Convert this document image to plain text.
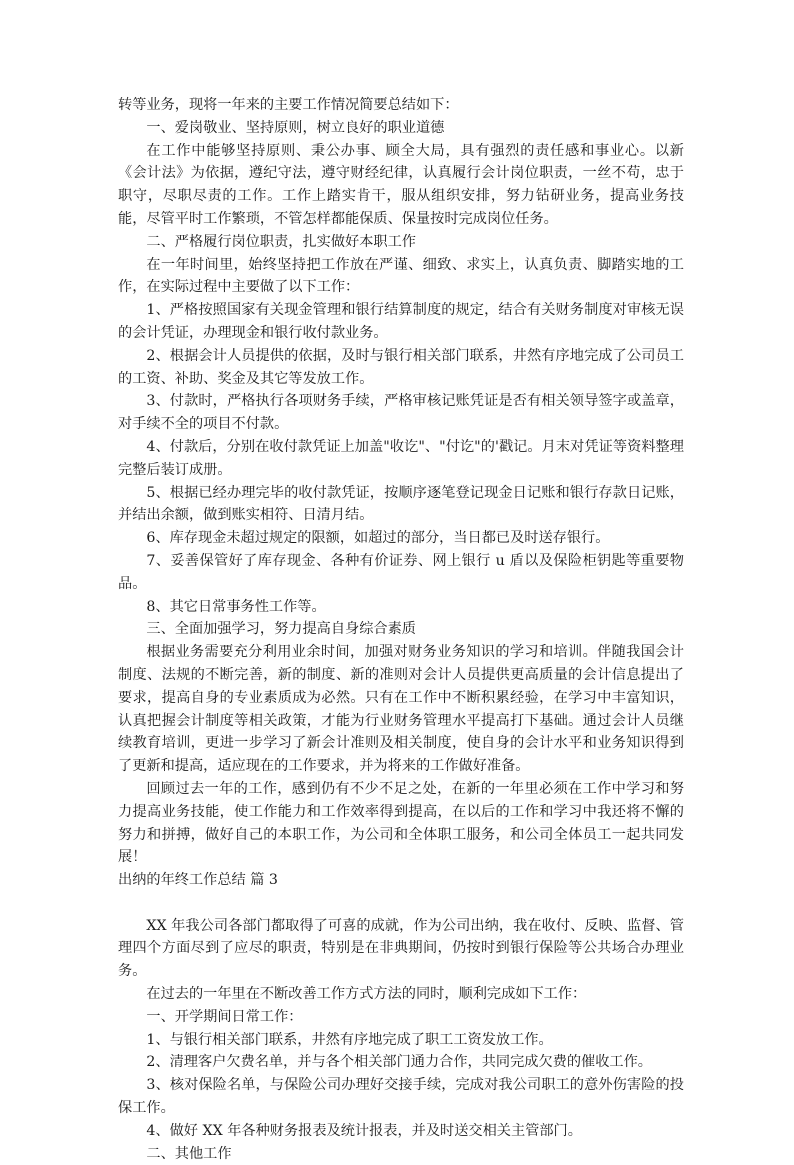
转等业务，现将一年来的主要工作情况简要总结如下：

一、爱岗敬业、坚持原则，树立良好的职业道德

在工作中能够坚持原则、秉公办事、顾全大局，具有强烈的责任感和事业心。以新《会计法》为依据，遵纪守法，遵守财经纪律，认真履行会计岗位职责，一丝不苟，忠于职守，尽职尽责的工作。工作上踏实肯干，服从组织安排，努力钻研业务，提高业务技能，尽管平时工作繁琐，不管怎样都能保质、保量按时完成岗位任务。

二、严格履行岗位职责，扎实做好本职工作

在一年时间里，始终坚持把工作放在严谨、细致、求实上，认真负责、脚踏实地的工作，在实际过程中主要做了以下工作：

1、严格按照国家有关现金管理和银行结算制度的规定，结合有关财务制度对审核无误的会计凭证，办理现金和银行收付款业务。

2、根据会计人员提供的依据，及时与银行相关部门联系，井然有序地完成了公司员工的工资、补助、奖金及其它等发放工作。

3、付款时，严格执行各项财务手续，严格审核记账凭证是否有相关领导签字或盖章，对手续不全的项目不付款。

4、付款后，分别在收付款凭证上加盖"收讫"、"付讫"的'戳记。月末对凭证等资料整理完整后装订成册。

5、根据已经办理完毕的收付款凭证，按顺序逐笔登记现金日记账和银行存款日记账，并结出余额，做到账实相符、日清月结。

6、库存现金未超过规定的限额，如超过的部分，当日都已及时送存银行。

7、妥善保管好了库存现金、各种有价证券、网上银行 u 盾以及保险柜钥匙等重要物品。

8、其它日常事务性工作等。

三、全面加强学习，努力提高自身综合素质

根据业务需要充分利用业余时间，加强对财务业务知识的学习和培训。伴随我国会计制度、法规的不断完善，新的制度、新的准则对会计人员提供更高质量的会计信息提出了要求，提高自身的专业素质成为必然。只有在工作中不断积累经验，在学习中丰富知识，认真把握会计制度等相关政策，才能为行业财务管理水平提高打下基础。通过会计人员继续教育培训，更进一步学习了新会计准则及相关制度，使自身的会计水平和业务知识得到了更新和提高，适应现在的工作要求，并为将来的工作做好准备。

回顾过去一年的工作，感到仍有不少不足之处，在新的一年里必须在工作中学习和努力提高业务技能，使工作能力和工作效率得到提高，在以后的工作和学习中我还将不懈的努力和拼搏，做好自己的本职工作，为公司和全体职工服务，和公司全体员工一起共同发展！

出纳的年终工作总结 篇 3

XX 年我公司各部门都取得了可喜的成就，作为公司出纳，我在收付、反映、监督、管理四个方面尽到了应尽的职责，特别是在非典期间，仍按时到银行保险等公共场合办理业务。

在过去的一年里在不断改善工作方式方法的同时，顺利完成如下工作：

一、开学期间日常工作：

1、与银行相关部门联系，井然有序地完成了职工工资发放工作。

2、清理客户欠费名单，并与各个相关部门通力合作，共同完成欠费的催收工作。

3、核对保险名单，与保险公司办理好交接手续，完成对我公司职工的意外伤害险的投保工作。

4、做好 XX 年各种财务报表及统计报表，并及时送交相关主管部门。

二、其他工作
